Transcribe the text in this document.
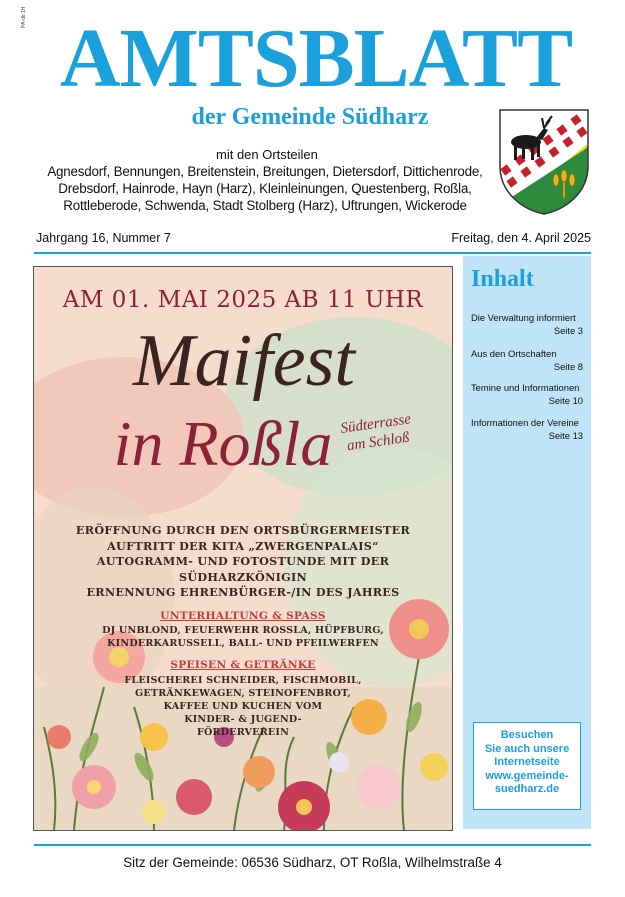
PA-db 1H AMTSBLATT
der Gemeinde Südharz
mit den Ortsteilen
Agnesdorf, Bennungen, Breitenstein, Breitungen, Dietersdorf, Dittichenrode,
Drebsdorf, Hainrode, Hayn (Harz), Kleinleinungen, Questenberg, Roßla,
Rottleberode, Schwenda, Stadt Stolberg (Harz), Uftrungen, Wickerode
Jahrgang 16, Nummer 7	Freitag, den 4. April 2025
AM 01. MAI 2025 AB 11 UHR
Maifest
in Roßla Südterrasse
am Schloß
ERÖFFNUNG DURCH DEN ORTSBÜRGERMEISTER
AUFTRITT DER KITA „ZWERGENPALAIS“
AUTOGRAMM- UND FOTOSTUNDE MIT DER SÜDHARZKÖNIGIN
ERNENNUNG EHRENBÜRGER-/IN DES JAHRES
UNTERHALTUNG & SPASS
DJ UNBLOND, FEUERWEHR ROSSLA, HÜPFBURG,
KINDERKARUSSELL, BALL- UND PFEILWERFEN
SPEISEN & GETRÄNKE
FLEISCHEREI SCHNEIDER, FISCHMOBIL,
GETRÄNKEWAGEN, STEINOFENBROT,
KAFFEE UND KUCHEN VOM
KINDER- & JUGEND-
FÖRDERVEREIN
Inhalt
Die Verwaltung informiert
Seite 3
Aus den Ortschaften
Seite 8
Temine und Informationen
Seite 10
Informationen der Vereine
Seite 13
Besuchen
Sie auch unsere
Internetseite
www.gemeinde-
suedharz.de
Sitz der Gemeinde: 06536 Südharz, OT Roßla, Wilhelmstraße 4
